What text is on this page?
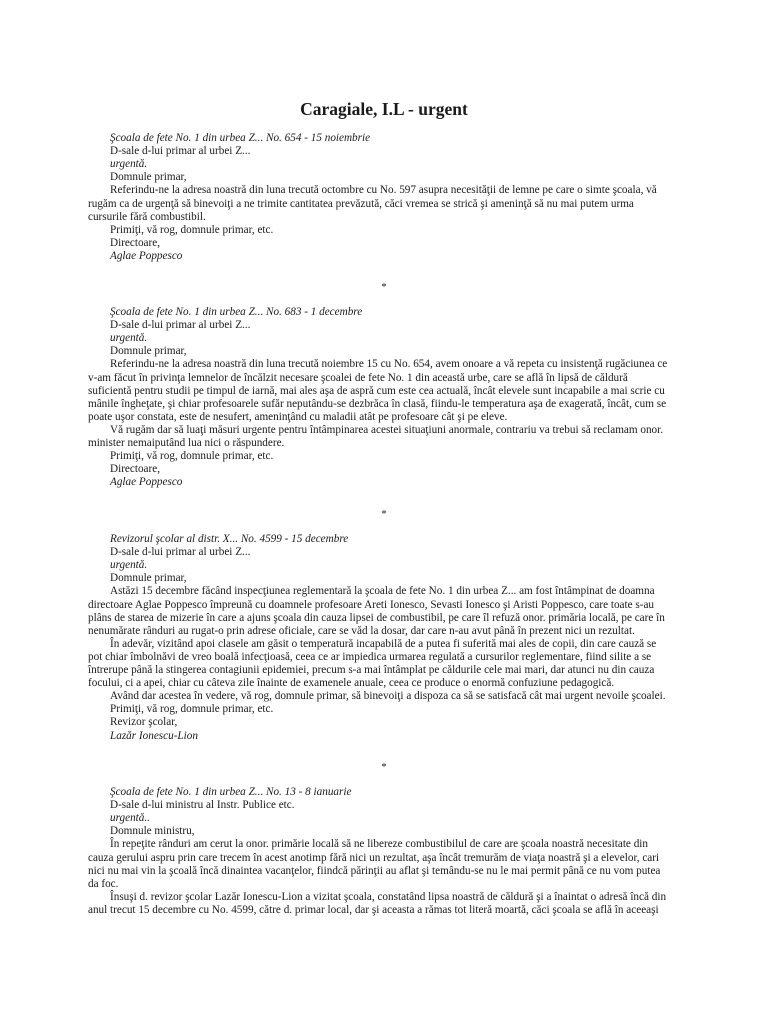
Caragiale, I.L - urgent
Şcoala de fete No. 1 din urbea Z... No. 654 - 15 noiembrie
D-sale d-lui primar al urbei Z...
urgentă.
Domnule primar,
Referindu-ne la adresa noastră din luna trecută octombre cu No. 597 asupra necesităţii de lemne pe care o simte şcoala, vă
rugăm ca de urgenţă să binevoiţi a ne trimite cantitatea prevăzută, căci vremea se strică şi ameninţă să nu mai putem urma
cursurile fără combustibil.
Primiţi, vă rog, domnule primar, etc.
Directoare,
Aglae Poppesco
Şcoala de fete No. 1 din urbea Z... No. 683 - 1 decembre
D-sale d-lui primar al urbei Z...
urgentă.
Domnule primar,
Referindu-ne la adresa noastră din luna trecută noiembre 15 cu No. 654, avem onoare a vă repeta cu insistenţă rugăciunea ce
v-am făcut în privinţa lemnelor de încălzit necesare şcoalei de fete No. 1 din această urbe, care se află în lipsă de căldură
suficientă pentru studii pe timpul de iarnă, mai ales aşa de aspră cum este cea actuală, încât elevele sunt incapabile a mai scrie cu
mânile îngheţate, şi chiar profesoarele sufăr neputându-se dezbrăca în clasă, fiindu-le temperatura aşa de exagerată, încât, cum se
poate uşor constata, este de nesufert, ameninţând cu maladii atât pe profesoare cât şi pe eleve.
Vă rugăm dar să luaţi măsuri urgente pentru întâmpinarea acestei situaţiuni anormale, contrariu va trebui să reclamam onor.
minister nemaiputând lua nici o răspundere.
Primiţi, vă rog, domnule primar, etc.
Directoare,
Aglae Poppesco
Revizorul şcolar al distr. X... No. 4599 - 15 decembre
D-sale d-lui primar al urbei Z...
urgentă.
Domnule primar,
Astăzi 15 decembre făcând inspecţiunea reglementară la şcoala de fete No. 1 din urbea Z... am fost întâmpinat de doamna
directoare Aglae Poppesco împreună cu doamnele profesoare Areti Ionesco, Sevasti Ionesco şi Aristi Poppesco, care toate s-au
plâns de starea de mizerie în care a ajuns şcoala din cauza lipsei de combustibil, pe care îl refuză onor. primăria locală, pe care în
nenumărate rânduri au rugat-o prin adrese oficiale, care se văd la dosar, dar care n-au avut până în prezent nici un rezultat.
În adevăr, vizitând apoi clasele am găsit o temperatură incapabilă de a putea fi suferită mai ales de copii, din care cauză se
pot chiar îmbolnăvi de vreo boală infecţioasă, ceea ce ar impiedica urmarea regulată a cursurilor reglementare, fiind silite a se
întrerupe până la stingerea contagiunii epidemiei, precum s-a mai întâmplat pe căldurile cele mai mari, dar atunci nu din cauza
focului, ci a apei, chiar cu câteva zile înainte de examenele anuale, ceea ce produce o enormă confuziune pedagogică.
Având dar acestea în vedere, vă rog, domnule primar, să binevoiţi a dispoza ca să se satisfacă cât mai urgent nevoile şcoalei.
Primiţi, vă rog, domnule primar, etc.
Revizor şcolar,
Lazăr Ionescu-Lion
Şcoala de fete No. 1 din urbea Z... No. 13 - 8 ianuarie
D-sale d-lui ministru al Instr. Publice etc.
urgentă..
Domnule ministru,
În repeţite rânduri am cerut la onor. primărie locală să ne libereze combustibilul de care are şcoala noastră necesitate din
cauza gerului aspru prin care trecem în acest anotimp fără nici un rezultat, aşa încât tremurăm de viaţa noastră şi a elevelor, cari
nici nu mai vin la şcoală încă dinaintea vacanţelor, fiindcă părinţii au aflat şi temându-se nu le mai permit până ce nu vom putea
da foc.
Însuşi d. revizor şcolar Lazăr Ionescu-Lion a vizitat şcoala, constatând lipsa noastră de căldură şi a înaintat o adresă încă din
anul trecut 15 decembre cu No. 4599, către d. primar local, dar şi aceasta a rămas tot literă moartă, căci şcoala se află în aceeaşi
*
*
*
